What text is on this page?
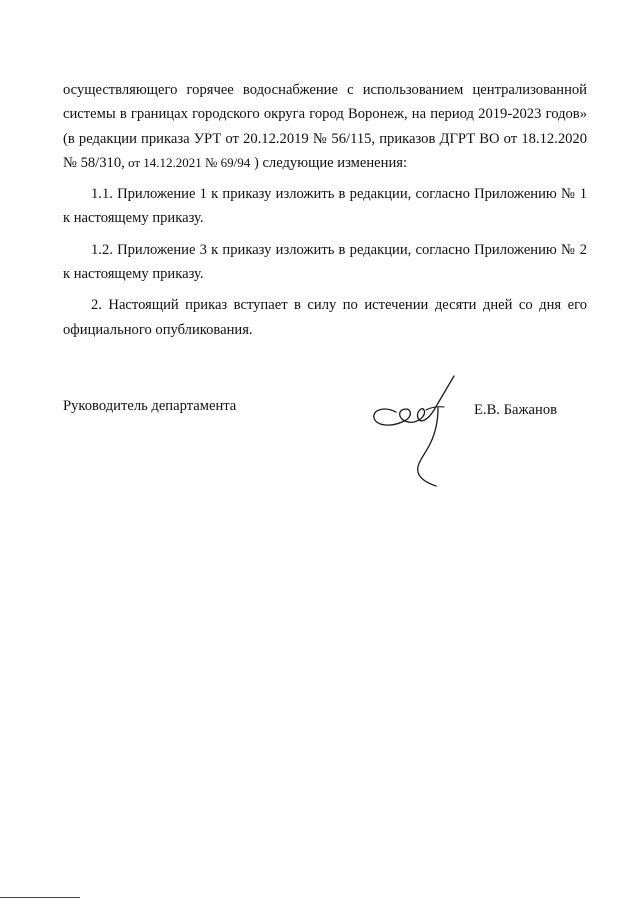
осуществляющего горячее водоснабжение с использованием централизованной системы в границах городского округа город Воронеж, на период 2019-2023 годов» (в редакции приказа УРТ от 20.12.2019 № 56/115, приказов ДГРТ ВО от 18.12.2020 № 58/310, от 14.12.2021 № 69/94 ) следующие изменения:

1.1. Приложение 1 к приказу изложить в редакции, согласно Приложению № 1 к настоящему приказу.

1.2. Приложение 3 к приказу изложить в редакции, согласно Приложению № 2 к настоящему приказу.

2. Настоящий приказ вступает в силу по истечении десяти дней со дня его официального опубликования.

Руководитель департамента	Е.В. Бажанов
